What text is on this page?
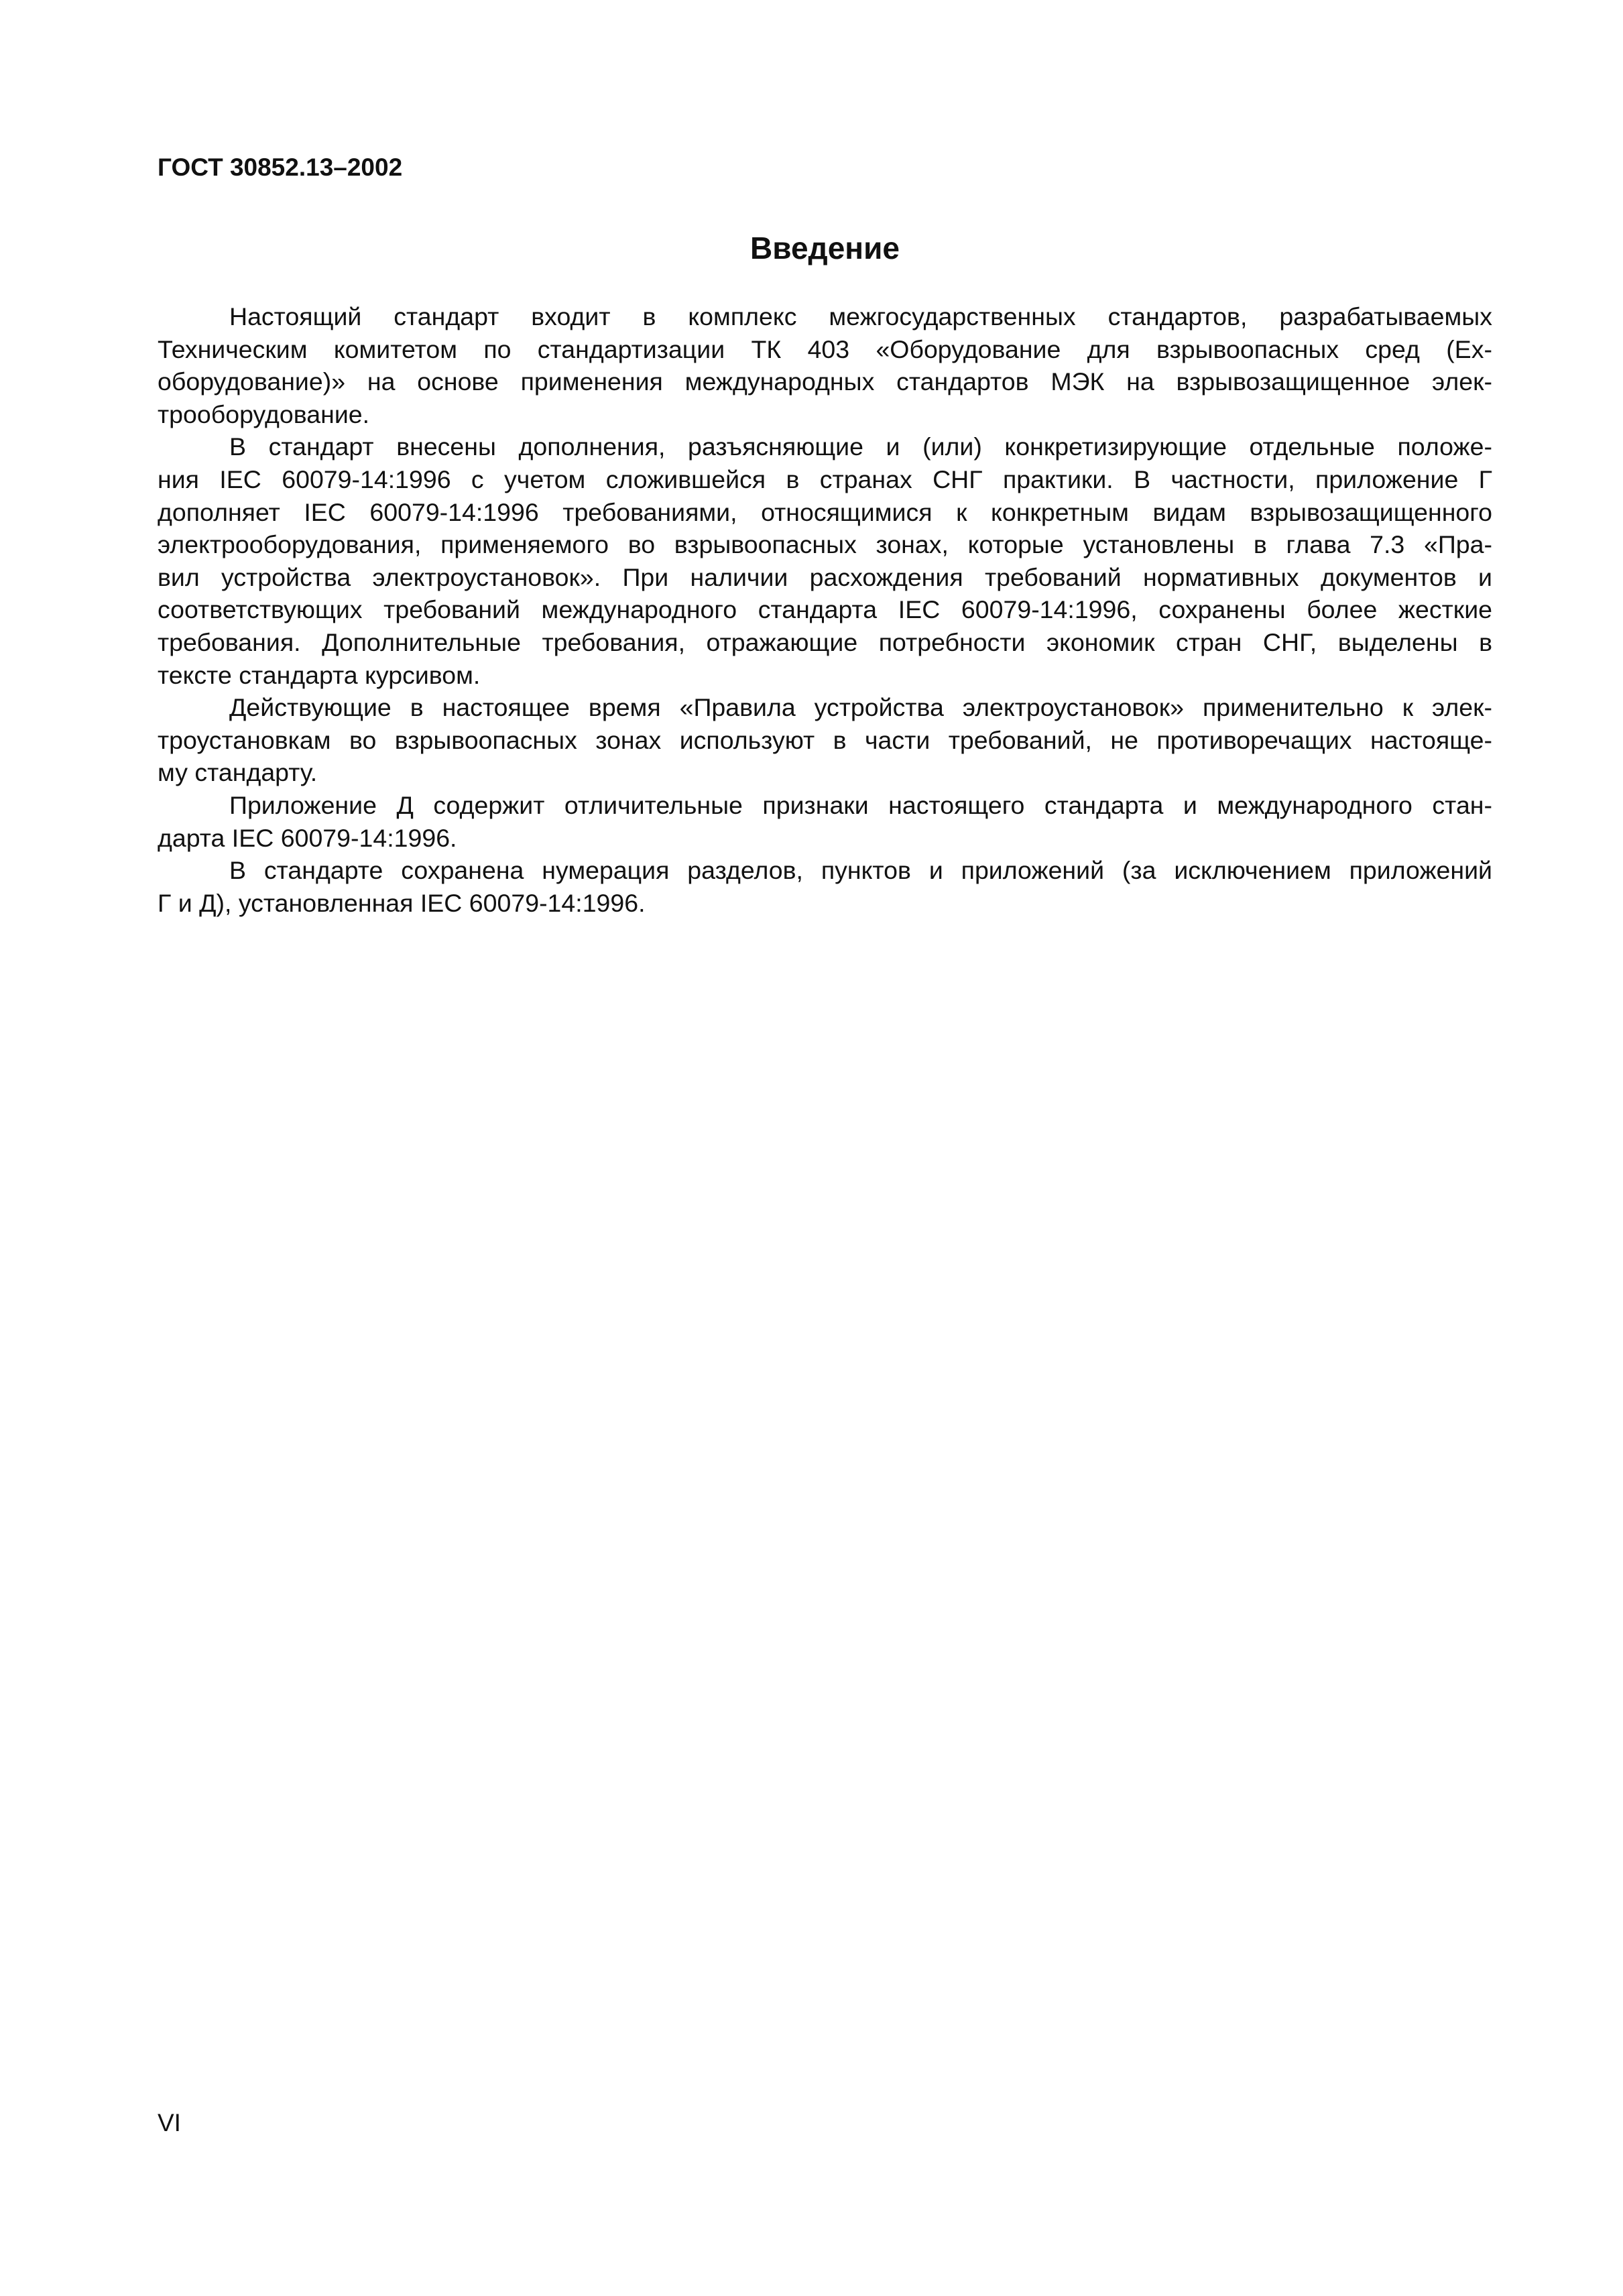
ГОСТ 30852.13–2002
Введение

Настоящий стандарт входит в комплекс межгосударственных стандартов, разрабатываемых
Техническим комитетом по стандартизации ТК 403 «Оборудование для взрывоопасных сред (Ex-
оборудование)» на основе применения международных стандартов МЭК на взрывозащищенное элек-
трооборудование.

В стандарт внесены дополнения, разъясняющие и (или) конкретизирующие отдельные положе-
ния IEC 60079-14:1996 с учетом сложившейся в странах СНГ практики. В частности, приложение Г
дополняет IEC 60079-14:1996 требованиями, относящимися к конкретным видам взрывозащищенного
электрооборудования, применяемого во взрывоопасных зонах, которые установлены в глава 7.3 «Пра-
вил устройства электроустановок». При наличии расхождения требований нормативных документов и
соответствующих требований международного стандарта IEC 60079-14:1996, сохранены более жесткие
требования. Дополнительные требования, отражающие потребности экономик стран СНГ, выделены в
тексте стандарта курсивом.

Действующие в настоящее время «Правила устройства электроустановок» применительно к элек-
троустановкам во взрывоопасных зонах используют в части требований, не противоречащих настояще-
му стандарту.

Приложение Д содержит отличительные признаки настоящего стандарта и международного стан-
дарта IEC 60079-14:1996.

В стандарте сохранена нумерация разделов, пунктов и приложений (за исключением приложений
Г и Д), установленная IEC 60079-14:1996.

VI
